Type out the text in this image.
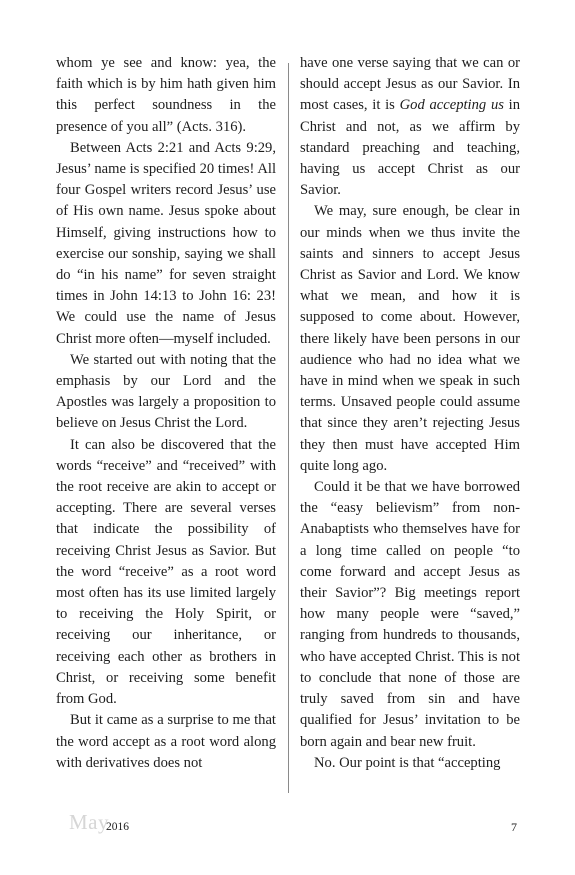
whom ye see and know: yea, the faith which is by him hath given him this perfect soundness in the presence of you all” (Acts. 316).

Between Acts 2:21 and Acts 9:29, Jesus’ name is specified 20 times! All four Gospel writers record Jesus’ use of His own name. Jesus spoke about Himself, giving instructions how to exercise our sonship, saying we shall do “in his name” for seven straight times in John 14:13 to John 16: 23! We could use the name of Jesus Christ more often—myself included.

We started out with noting that the emphasis by our Lord and the Apostles was largely a proposition to believe on Jesus Christ the Lord.

It can also be discovered that the words “receive” and “received” with the root receive are akin to accept or accepting. There are several verses that indicate the possibility of receiving Christ Jesus as Savior. But the word “receive” as a root word most often has its use limited largely to receiving the Holy Spirit, or receiving our inheritance, or receiving each other as brothers in Christ, or receiving some benefit from God.

But it came as a surprise to me that the word accept as a root word along with derivatives does not

have one verse saying that we can or should accept Jesus as our Savior. In most cases, it is God accepting us in Christ and not, as we affirm by standard preaching and teaching, having us accept Christ as our Savior.

We may, sure enough, be clear in our minds when we thus invite the saints and sinners to accept Jesus Christ as Savior and Lord. We know what we mean, and how it is supposed to come about. However, there likely have been persons in our audience who had no idea what we have in mind when we speak in such terms. Unsaved people could assume that since they aren’t rejecting Jesus they then must have accepted Him quite long ago.

Could it be that we have borrowed the “easy believism” from non-Anabaptists who themselves have for a long time called on people “to come forward and accept Jesus as their Savior”? Big meetings report how many people were “saved,” ranging from hundreds to thousands, who have accepted Christ. This is not to conclude that none of those are truly saved from sin and have qualified for Jesus’ invitation to be born again and bear new fruit.

No. Our point is that “accepting

May
2016	7
